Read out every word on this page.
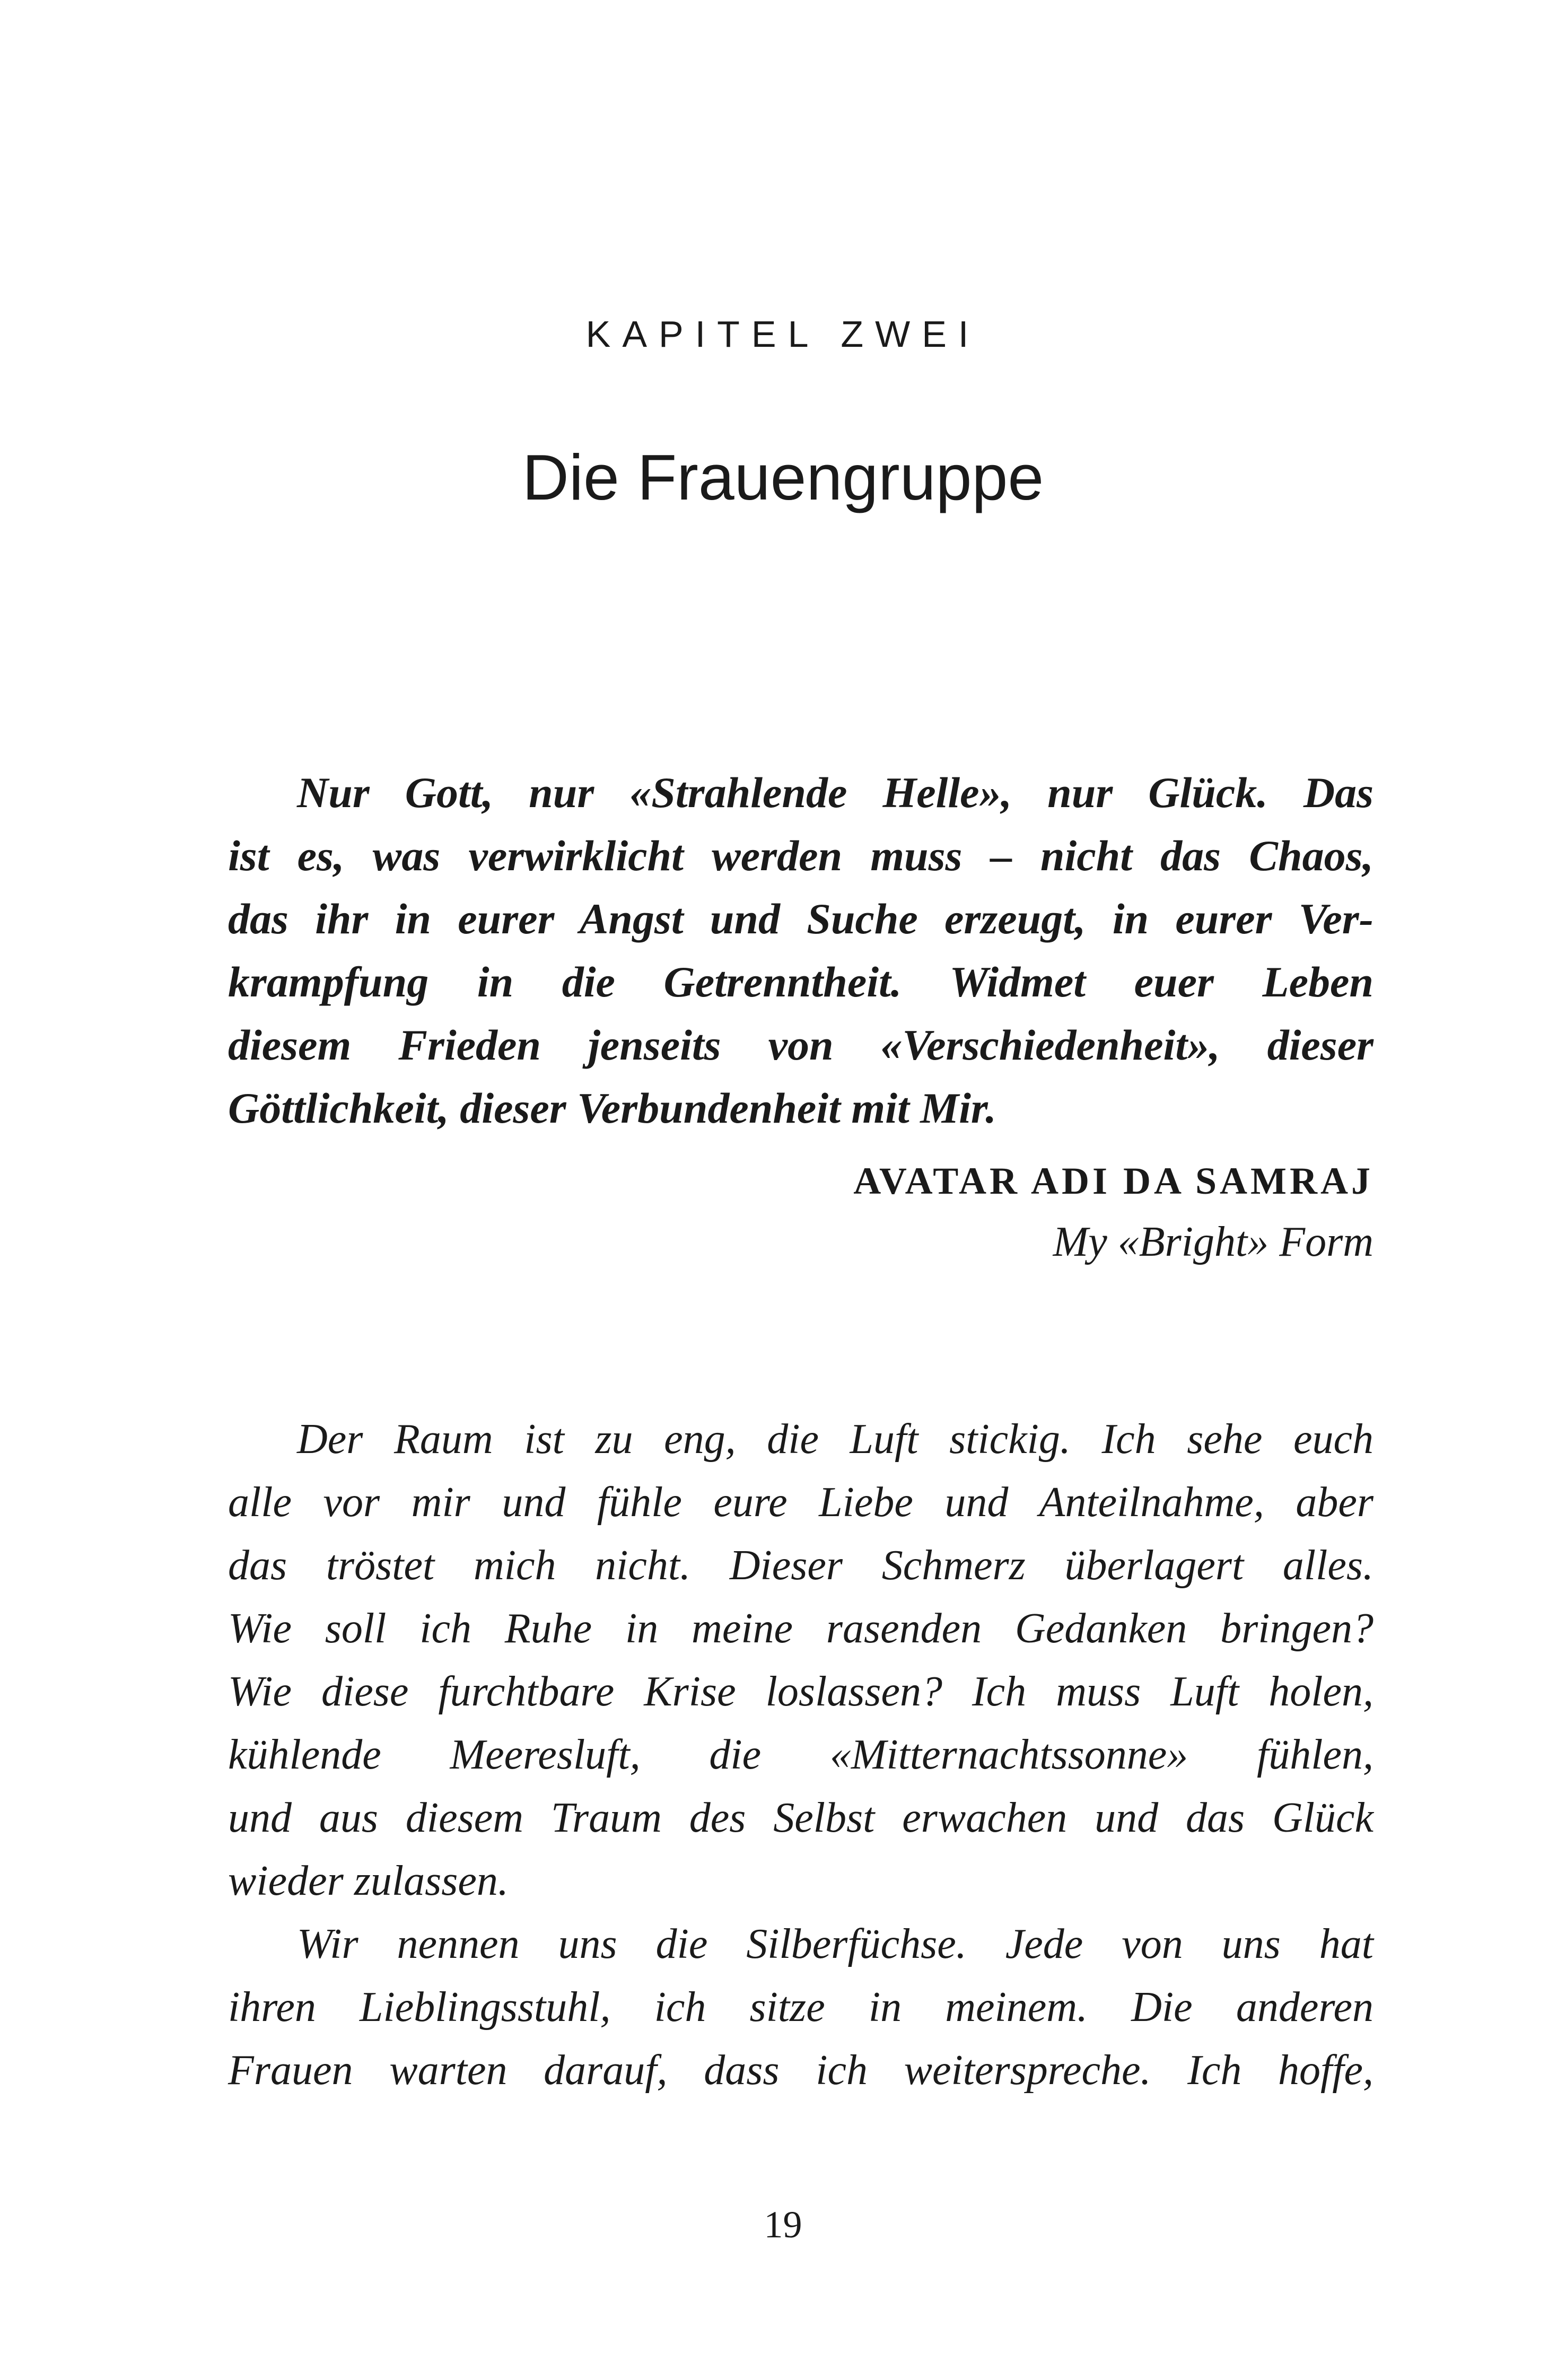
KAPITEL ZWEI
Die Frauengruppe
Nur Gott, nur «Strahlende Helle», nur Glück. Das
ist es, was verwirklicht werden muss – nicht das Chaos,
das ihr in eurer Angst und Suche erzeugt, in eurer Ver-
krampfung in die Getrenntheit. Widmet euer Leben
diesem Frieden jenseits von «Verschiedenheit», dieser
Göttlichkeit, dieser Verbundenheit mit Mir.
AVATAR ADI DA SAMRAJ
My «Bright» Form
Der Raum ist zu eng, die Luft stickig. Ich sehe euch
alle vor mir und fühle eure Liebe und Anteilnahme, aber
das tröstet mich nicht. Dieser Schmerz überlagert alles.
Wie soll ich Ruhe in meine rasenden Gedanken bringen?
Wie diese furchtbare Krise loslassen? Ich muss Luft holen,
kühlende Meeresluft, die «Mitternachtssonne» fühlen,
und aus diesem Traum des Selbst erwachen und das Glück
wieder zulassen.
Wir nennen uns die Silberfüchse. Jede von uns hat
ihren Lieblingsstuhl, ich sitze in meinem. Die anderen
Frauen warten darauf, dass ich weiterspreche. Ich hoffe,
19
